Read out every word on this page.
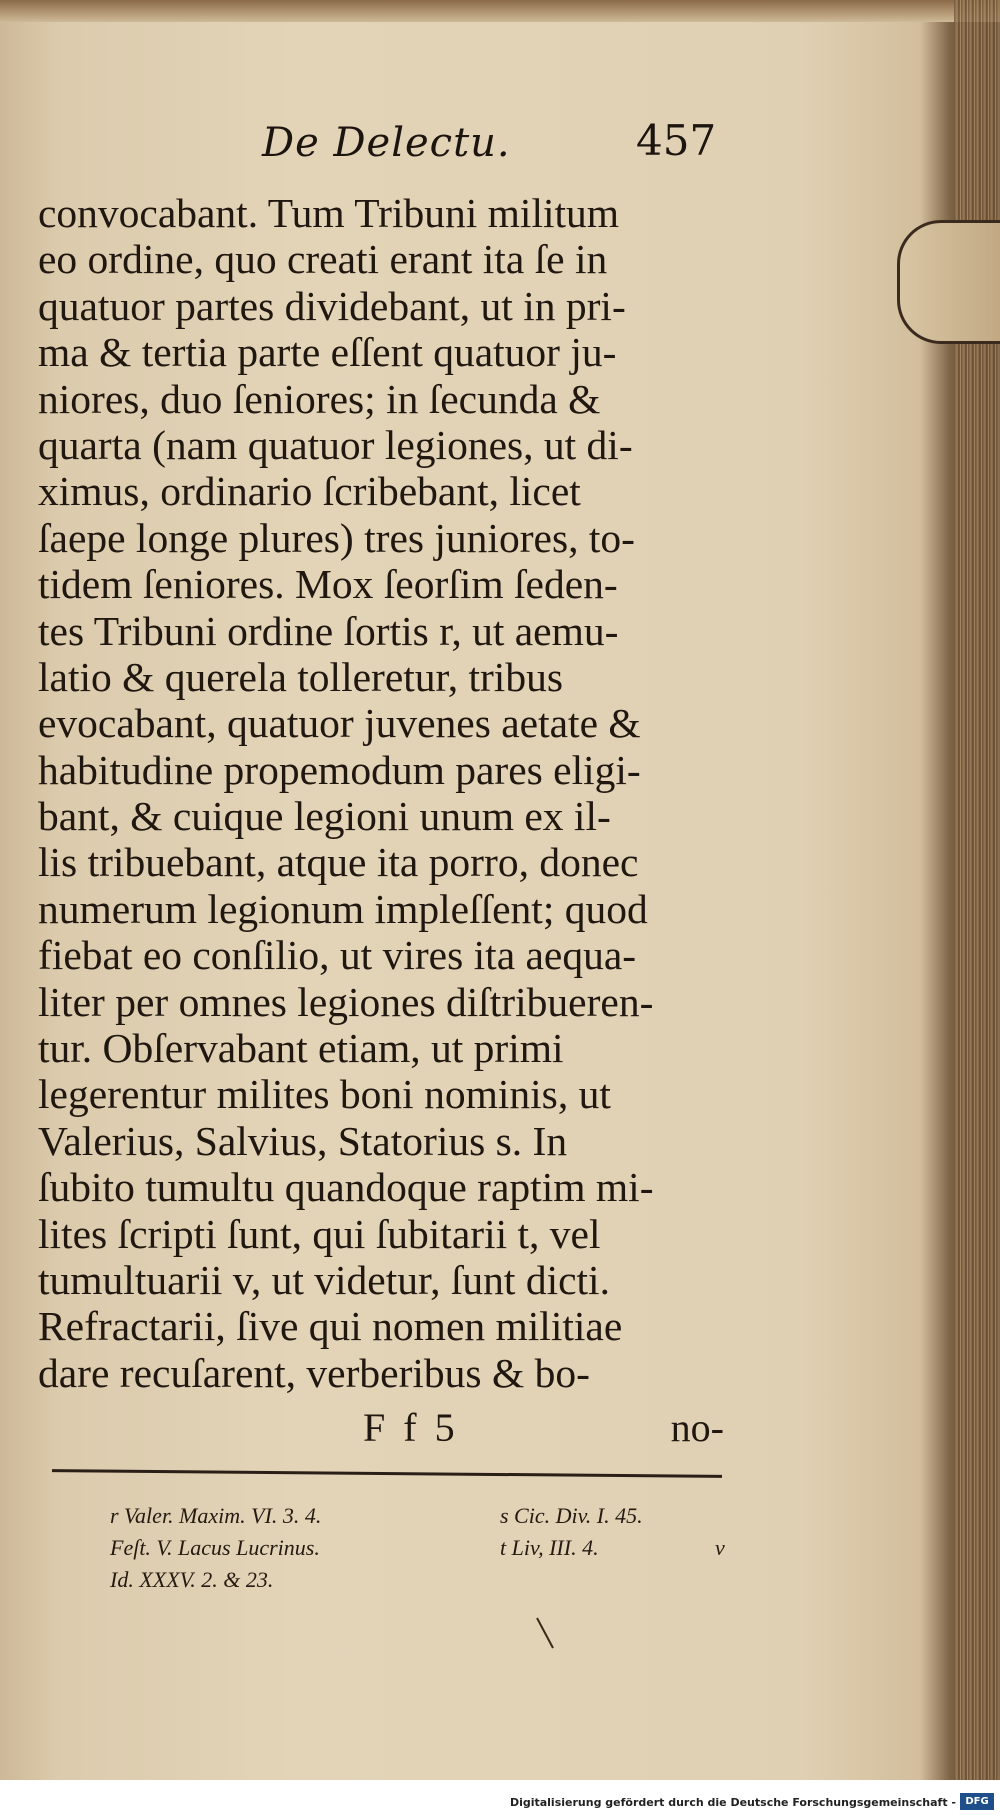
De Delectu.	457
convocabant. Tum Tribuni militum
eo ordine, quo creati erant ita ſe in
quatuor partes dividebant, ut in pri-
ma & tertia parte eſſent quatuor ju-
niores, duo ſeniores; in ſecunda &
quarta (nam quatuor legiones, ut di-
ximus, ordinario ſcribebant, licet
ſaepe longe plures) tres juniores, to-
tidem ſeniores. Mox ſeorſim ſeden-
tes Tribuni ordine ſortis r, ut aemu-
latio & querela tolleretur, tribus
evocabant, quatuor juvenes aetate &
habitudine propemodum pares eligi-
bant, & cuique legioni unum ex il-
lis tribuebant, atque ita porro, donec
numerum legionum impleſſent; quod
fiebat eo conſilio, ut vires ita aequa-
liter per omnes legiones diſtribueren-
tur. Obſervabant etiam, ut primi
legerentur milites boni nominis, ut
Valerius, Salvius, Statorius s. In
ſubito tumultu quandoque raptim mi-
lites ſcripti ſunt, qui ſubitarii t, vel
tumultuarii v, ut videtur, ſunt dicti.
Refractarii, ſive qui nomen militiae
dare recuſarent, verberibus & bo-
F f 5	no-
r Valer. Maxim. VI. 3. 4.	s Cic. Div. I. 45.
Feſt. V. Lacus Lucrinus.	t Liv, III. 4.	v
Id. XXXV. 2. & 23.
Digitalisierung gefördert durch die Deutsche Forschungsgemeinschaft - DFG
